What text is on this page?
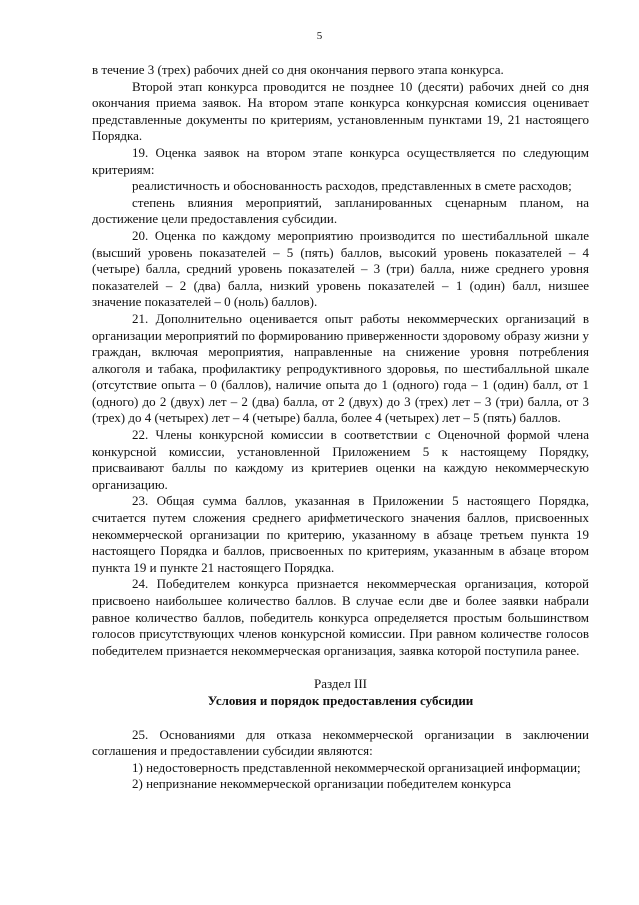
5

в течение 3 (трех) рабочих дней со дня окончания первого этапа конкурса.

Второй этап конкурса проводится не позднее 10 (десяти) рабочих дней со дня окончания приема заявок. На втором этапе конкурса конкурсная комиссия оценивает представленные документы по критериям, установленным пунктами 19, 21 настоящего Порядка.

19. Оценка заявок на втором этапе конкурса осуществляется по следующим критериям:

реалистичность и обоснованность расходов, представленных в смете расходов;

степень влияния мероприятий, запланированных сценарным планом, на достижение цели предоставления субсидии.

20. Оценка по каждому мероприятию производится по шестибалльной шкале (высший уровень показателей – 5 (пять) баллов, высокий уровень показателей – 4 (четыре) балла, средний уровень показателей – 3 (три) балла, ниже среднего уровня показателей – 2 (два) балла, низкий уровень показателей – 1 (один) балл, низшее значение показателей – 0 (ноль) баллов).

21. Дополнительно оценивается опыт работы некоммерческих организаций в организации мероприятий по формированию приверженности здоровому образу жизни у граждан, включая мероприятия, направленные на снижение уровня потребления алкоголя и табака, профилактику репродуктивного здоровья, по шестибалльной шкале (отсутствие опыта – 0 (баллов), наличие опыта до 1 (одного) года – 1 (один) балл, от 1 (одного) до 2 (двух) лет – 2 (два) балла, от 2 (двух) до 3 (трех) лет – 3 (три) балла, от 3 (трех) до 4 (четырех) лет – 4 (четыре) балла, более 4 (четырех) лет – 5 (пять) баллов.

22. Члены конкурсной комиссии в соответствии с Оценочной формой члена конкурсной комиссии, установленной Приложением 5 к настоящему Порядку, присваивают баллы по каждому из критериев оценки на каждую некоммерческую организацию.

23. Общая сумма баллов, указанная в Приложении 5 настоящего Порядка, считается путем сложения среднего арифметического значения баллов, присвоенных некоммерческой организации по критерию, указанному в абзаце третьем пункта 19 настоящего Порядка и баллов, присвоенных по критериям, указанным в абзаце втором пункта 19 и пункте 21 настоящего Порядка.

24. Победителем конкурса признается некоммерческая организация, которой присвоено наибольшее количество баллов. В случае если две и более заявки набрали равное количество баллов, победитель конкурса определяется простым большинством голосов присутствующих членов конкурсной комиссии. При равном количестве голосов победителем признается некоммерческая организация, заявка которой поступила ранее.

Раздел III
Условия и порядок предоставления субсидии

25. Основаниями для отказа некоммерческой организации в заключении соглашения и предоставлении субсидии являются:

1) недостоверность представленной некоммерческой организацией информации;

2) непризнание некоммерческой организации победителем конкурса
